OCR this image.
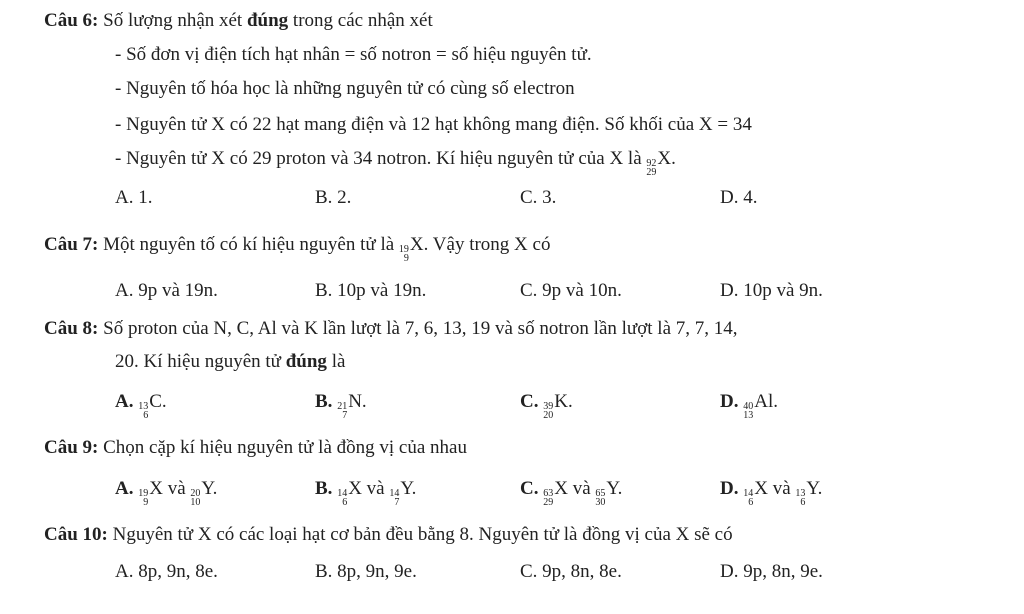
Câu 6: Số lượng nhận xét đúng trong các nhận xét
- Số đơn vị điện tích hạt nhân = số notron = số hiệu nguyên tử.
- Nguyên tố hóa học là những nguyên tử có cùng số electron
- Nguyên tử X có 22 hạt mang điện và 12 hạt không mang điện. Số khối của X = 34
- Nguyên tử X có 29 proton và 34 notron. Kí hiệu nguyên tử của X là 92
29
X.
A. 1.	B. 2.	C. 3.	D. 4.
Câu 7: Một nguyên tố có kí hiệu nguyên tử là 19
9
X. Vậy trong X có
A. 9p và 19n.	B. 10p và 19n.	C. 9p và 10n.	D. 10p và 9n.
Câu 8: Số proton của N, C, Al và K lần lượt là 7, 6, 13, 19 và số notron lần lượt là 7, 7, 14,
20. Kí hiệu nguyên tử đúng là
A. 13
6
C.	B. 21
7
N.	C. 39
20
K.	D. 40
13
Al.
Câu 9: Chọn cặp kí hiệu nguyên tử là đồng vị của nhau
A. 19
9
X và 20
10
Y.	B. 14
6
X và 14
7
Y.	C. 63
29
X và 65
30
Y.	D. 14
6
X và 13
6
Y.
Câu 10: Nguyên tử X có các loại hạt cơ bản đều bằng 8. Nguyên tử là đồng vị của X sẽ có
A. 8p, 9n, 8e.	B. 8p, 9n, 9e.	C. 9p, 8n, 8e.	D. 9p, 8n, 9e.
